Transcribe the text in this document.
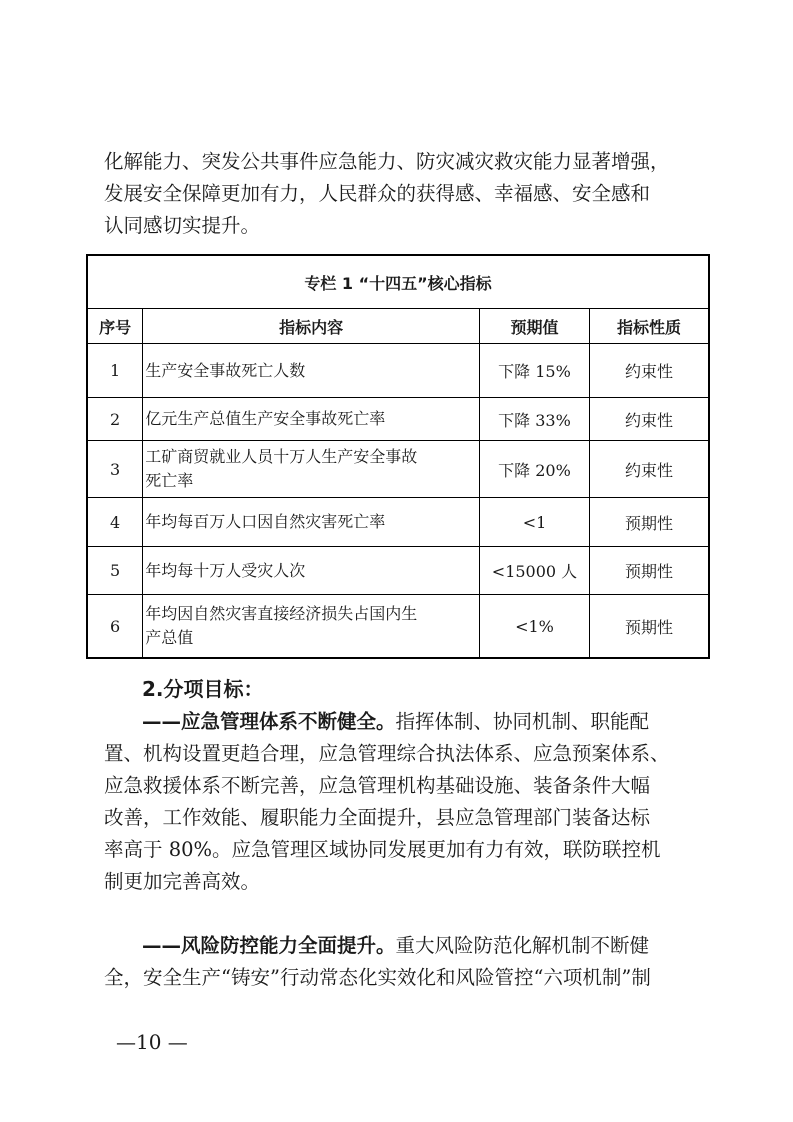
化解能力、突发公共事件应急能力、防灾减灾救灾能力显著增强，
发展安全保障更加有力，人民群众的获得感、幸福感、安全感和
认同感切实提升。
专栏 1 “十四五”核心指标			
序号	指标内容	预期值	指标性质
1	生产安全事故死亡人数	下降 15%	约束性
2	亿元生产总值生产安全事故死亡率	下降 33%	约束性
3	工矿商贸就业人员十万人生产安全事故
死亡率	下降 20%	约束性
4	年均每百万人口因自然灾害死亡率	<1	预期性
5	年均每十万人受灾人次	<15000 人	预期性
6	年均因自然灾害直接经济损失占国内生
产总值	<1%	预期性

2.分项目标：

——应急管理体系不断健全。指挥体制、协同机制、职能配
置、机构设置更趋合理，应急管理综合执法体系、应急预案体系、
应急救援体系不断完善，应急管理机构基础设施、装备条件大幅
改善，工作效能、履职能力全面提升，县应急管理部门装备达标
率高于 80%。应急管理区域协同发展更加有力有效，联防联控机
制更加完善高效。
——风险防控能力全面提升。重大风险防范化解机制不断健
全，安全生产“铸安”行动常态化实效化和风险管控“六项机制”制

—10 —
